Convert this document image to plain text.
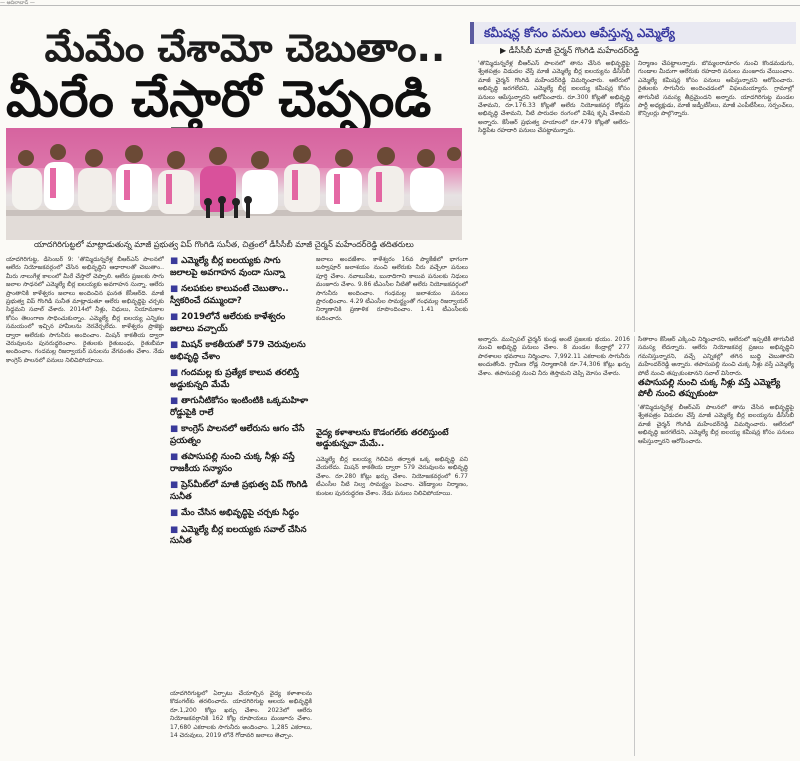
— ఆదిలాబాద్ —
మేమేం చేశామో చెబుతాం..
మీరేం చేస్తారో చెప్పండి
యాదగిరిగుట్టలో మాట్లాడుతున్న మాజీ ప్రభుత్వ విప్ గొంగిడి సునీత, చిత్రంలో డీసీసీబీ మాజీ చైర్మన్ మహేందర్‌రెడ్డి తదితరులు
కమీషన్ల కోసం పనులు ఆపేస్తున్న ఎమ్మెల్యే
▶ డీసీసీబీ మాజీ చైర్మన్ గొంగిడి మహేందర్‌రెడ్డి
'తొమ్మిదున్నరేళ్ల బీఆర్‌ఎస్ పాలనలో తాను చేసిన అభివృద్ధిపై శ్వేతపత్రం విడుదల చేస్తే మాజీ ఎమ్మెల్యే బీర్ల ఐలయ్యను డీసీసీబీ మాజీ చైర్మన్ గొంగిడి మహేందర్‌రెడ్డి విమర్శించారు. ఆలేరులో అభివృద్ధి జరగలేదని, ఎమ్మెల్యే బీర్ల ఐలయ్య కమీషన్ల కోసం పనులు ఆపేస్తున్నారని ఆరోపించారు. రూ.300 కోట్లతో అభివృద్ధి చేశామని, రూ.176.33 కోట్లతో ఆలేరు నియోజకవర్గ రోడ్లను అభివృద్ధి చేశామని, నీటి పారుదల రంగంలో విశేష కృషి చేశామని అన్నారు. కేసీఆర్ ప్రభుత్వ హయాంలో రూ.479 కోట్లతో ఆలేరు-సిద్ధిపేట రహదారి పనులు చేపట్టామన్నారు.
నిర్మాణం చేపట్టాలన్నారు. బొమ్మలరామారం నుంచి కొండమడుగు, గుండాల మీదుగా ఆలేరుకు రహదారి పనులు మంజూరు చేయించాం. ఎమ్మెల్యే కమీషన్ల కోసం పనులు ఆపేస్తున్నారని ఆరోపించారు. రైతులకు సాగునీరు అందించడంలో విఫలమయ్యారు. గ్రామాల్లో తాగునీటి సమస్య తీవ్రమైందని అన్నారు. యాదగిరిగుట్ట మండల పార్టీ అధ్యక్షుడు, మాజీ జడ్పీటీసీలు, మాజీ ఎంపీటీసీలు, సర్పంచ్‌లు, కౌన్సిలర్లు పాల్గొన్నారు.
యాదగిరిగుట్ట, డిసెంబర్ 9: 'తొమ్మిదున్నరేళ్ల బీఆర్‌ఎస్ పాలనలో ఆలేరు నియోజకవర్గంలో చేసిన అభివృద్ధిని ఆధారాలతో చెబుతాం.. మీరు నాలుగేళ్ల కాలంలో మీరే చేస్తారో చెప్పాలి. ఆలేరు ప్రజలకు సాగు జలాల సాధనలో ఎమ్మెల్యే బీర్ల ఐలయ్యకు అవగాహన సున్నా. ఆలేరు ప్రాంతానికి కాళేశ్వరం జలాలు అందించిన ఘనత కేసీఆర్‌ది. మాజీ ప్రభుత్వ విప్ గొంగిడి సునీత మాట్లాడుతూ ఆలేరు అభివృద్ధిపై చర్చకు సిద్ధమని సవాల్ చేశారు. 2014లో నీళ్లు, నిధులు, నియామకాల కోసం తెలంగాణ సాధించుకున్నాం. ఎమ్మెల్యే బీర్ల ఐలయ్య ఎన్నికల సమయంలో ఇచ్చిన హామీలను నెరవేర్చలేదు. కాళేశ్వరం ప్రాజెక్టు ద్వారా ఆలేరుకు సాగునీరు అందించాం. మిషన్ కాకతీయ ద్వారా చెరువులను పునరుద్ధరించాం. రైతులకు రైతుబంధు, రైతుబీమా అందించాం. గందమల్ల రిజర్వాయర్ పనులను వేగవంతం చేశాం. నేడు కాంగ్రెస్ పాలనలో పనులు నిలిచిపోయాయి.
■ ఎమ్మెల్యే బీర్ల ఐలయ్యకు సాగు జలాలపై అవగాహన వుందా సున్నా
■ నలపకుల కాలువంటే చెబుతాం.. స్వీకరించే దమ్ముందా?
■ 2019లోనే ఆలేరుకు కాళేశ్వరం జలాలు వచ్చాయ్
■ మిషన్ కాకతీయతో 579 చెరువులను అభివృద్ధి చేశాం
■ గందమల్ల కు ప్రత్యేక కాలువ తరలిస్తే అడ్డుకున్నది మేమే
■ తాగునీటికోసం ఇంటింటికి ఒక్కమహిళా రోడ్డుపైకి రాలే
■ కాంగ్రెస్ పాలనలో ఆలేరును ఆగం చేసే ప్రయత్నం
■ తపాసుపల్లి నుంచి చుక్క నీళ్లు వస్తే రాజకీయ సన్యాసం
■ ప్రెస్‌మీట్‌లో మాజీ ప్రభుత్వ విప్ గొంగిడి సునీత
■ మేం చేసిన అభివృద్ధిపై చర్చకు సిద్ధం
■ ఎమ్మెల్యే బీర్ల ఐలయ్యకు సవాల్ చేసిన సునీత
జలాలు అందజేశాం. కాళేశ్వరం 16వ ప్యాకేజీలో భాగంగా బస్వాపూర్ జలాశయం నుంచి ఆలేరుకు నీరు వచ్చేలా పనులు పూర్తి చేశాం. నవాబుపేట, బునాదిగాని కాలువ పనులకు నిధులు మంజూరు చేశాం. 9.86 టీఎంసీల నీటితో ఆలేరు నియోజకవర్గంలో సాగునీరు అందించాం. గంధమల్ల జలాశయం పనులు ప్రారంభించాం. 4.29 టీఎంసీల సామర్థ్యంతో గంధమల్ల రిజర్వాయర్ నిర్మాణానికి ప్రణాళిక రూపొందించాం. 1.41 టీఎంసీలకు కుదించారు.
వైద్య కళాశాలను కొడంగల్‌కు తరలిస్తుంటే అడ్డుకున్నవా మేమే..
ఎమ్మెల్యే బీర్ల ఐలయ్య గెలిచిన తర్వాత ఒక్క అభివృద్ధి పని చేయలేదు. మిషన్ కాకతీయ ద్వారా 579 చెరువులను అభివృద్ధి చేశాం. రూ.280 కోట్లు ఖర్చు చేశాం. నియోజకవర్గంలో 6.77 టీఎంసీల నీటి నిల్వ సామర్థ్యం పెంచాం. చెక్‌డ్యాంల నిర్మాణం, కుంటల పునరుద్ధరణ చేశాం. నేడు పనులు నిలిచిపోయాయి.
యాదగిరిగుట్టలో ఏర్పాటు చేయాల్సిన వైద్య కళాశాలను కొడంగల్‌కు తరలించారు. యాదగిరిగుట్ట ఆలయ అభివృద్ధికి రూ.1,200 కోట్లు ఖర్చు చేశాం. 2023లో ఆలేరు నియోజకవర్గానికి 162 కోట్ల రూపాయలు మంజూరు చేశాం. 17,680 ఎకరాలకు సాగునీరు అందించాం. 1,285 ఎకరాలు, 14 చెరువులు, 2019 లోనే గోదావరి జలాలు తెచ్చాం.
అన్నారు. మున్సిపల్ చైర్మన్ కుండ్ల అంటే ప్రజలకు భయం. 2016 నుంచి అభివృద్ధి పనులు చేశాం. 8 మండల కేంద్రాల్లో 277 పాఠశాలల భవనాలు నిర్మించాం. 7,992.11 ఎకరాలకు సాగునీరు అందుతోంది. గ్రామీణ రోడ్ల నిర్మాణానికి రూ.74,306 కోట్లు ఖర్చు చేశాం. తపాసుపల్లి నుంచి నీరు తెస్తామని చెప్పి మోసం చేశారు.
సీతారాం కేసీఆర్ ఎక్కించి నిర్మించారని, ఆలేరులో ఇప్పటికీ తాగునీటి సమస్య లేదన్నారు. ఆలేరు నియోజకవర్గ ప్రజలు అభివృద్ధిని గమనిస్తున్నారని, వచ్చే ఎన్నికల్లో తగిన బుద్ధి చెబుతారని మహేందర్‌రెడ్డి అన్నారు. తపాసుపల్లి నుంచి చుక్క నీళ్లు వస్తే ఎమ్మెల్యే పోటీ నుంచి తప్పుకుంటానని సవాల్ విసిరారు.
తపాసుపల్లి నుంచి చుక్క నీళ్లు వస్తే ఎమ్మెల్యే పోలీ నుంచి తప్పుకుంటా
'తొమ్మిదున్నరేళ్ల బీఆర్‌ఎస్ పాలనలో తాను చేసిన అభివృద్ధిపై శ్వేతపత్రం విడుదల చేస్తే మాజీ ఎమ్మెల్యే బీర్ల ఐలయ్యను డీసీసీబీ మాజీ చైర్మన్ గొంగిడి మహేందర్‌రెడ్డి విమర్శించారు. ఆలేరులో అభివృద్ధి జరగలేదని, ఎమ్మెల్యే బీర్ల ఐలయ్య కమీషన్ల కోసం పనులు ఆపేస్తున్నారని ఆరోపించారు.
